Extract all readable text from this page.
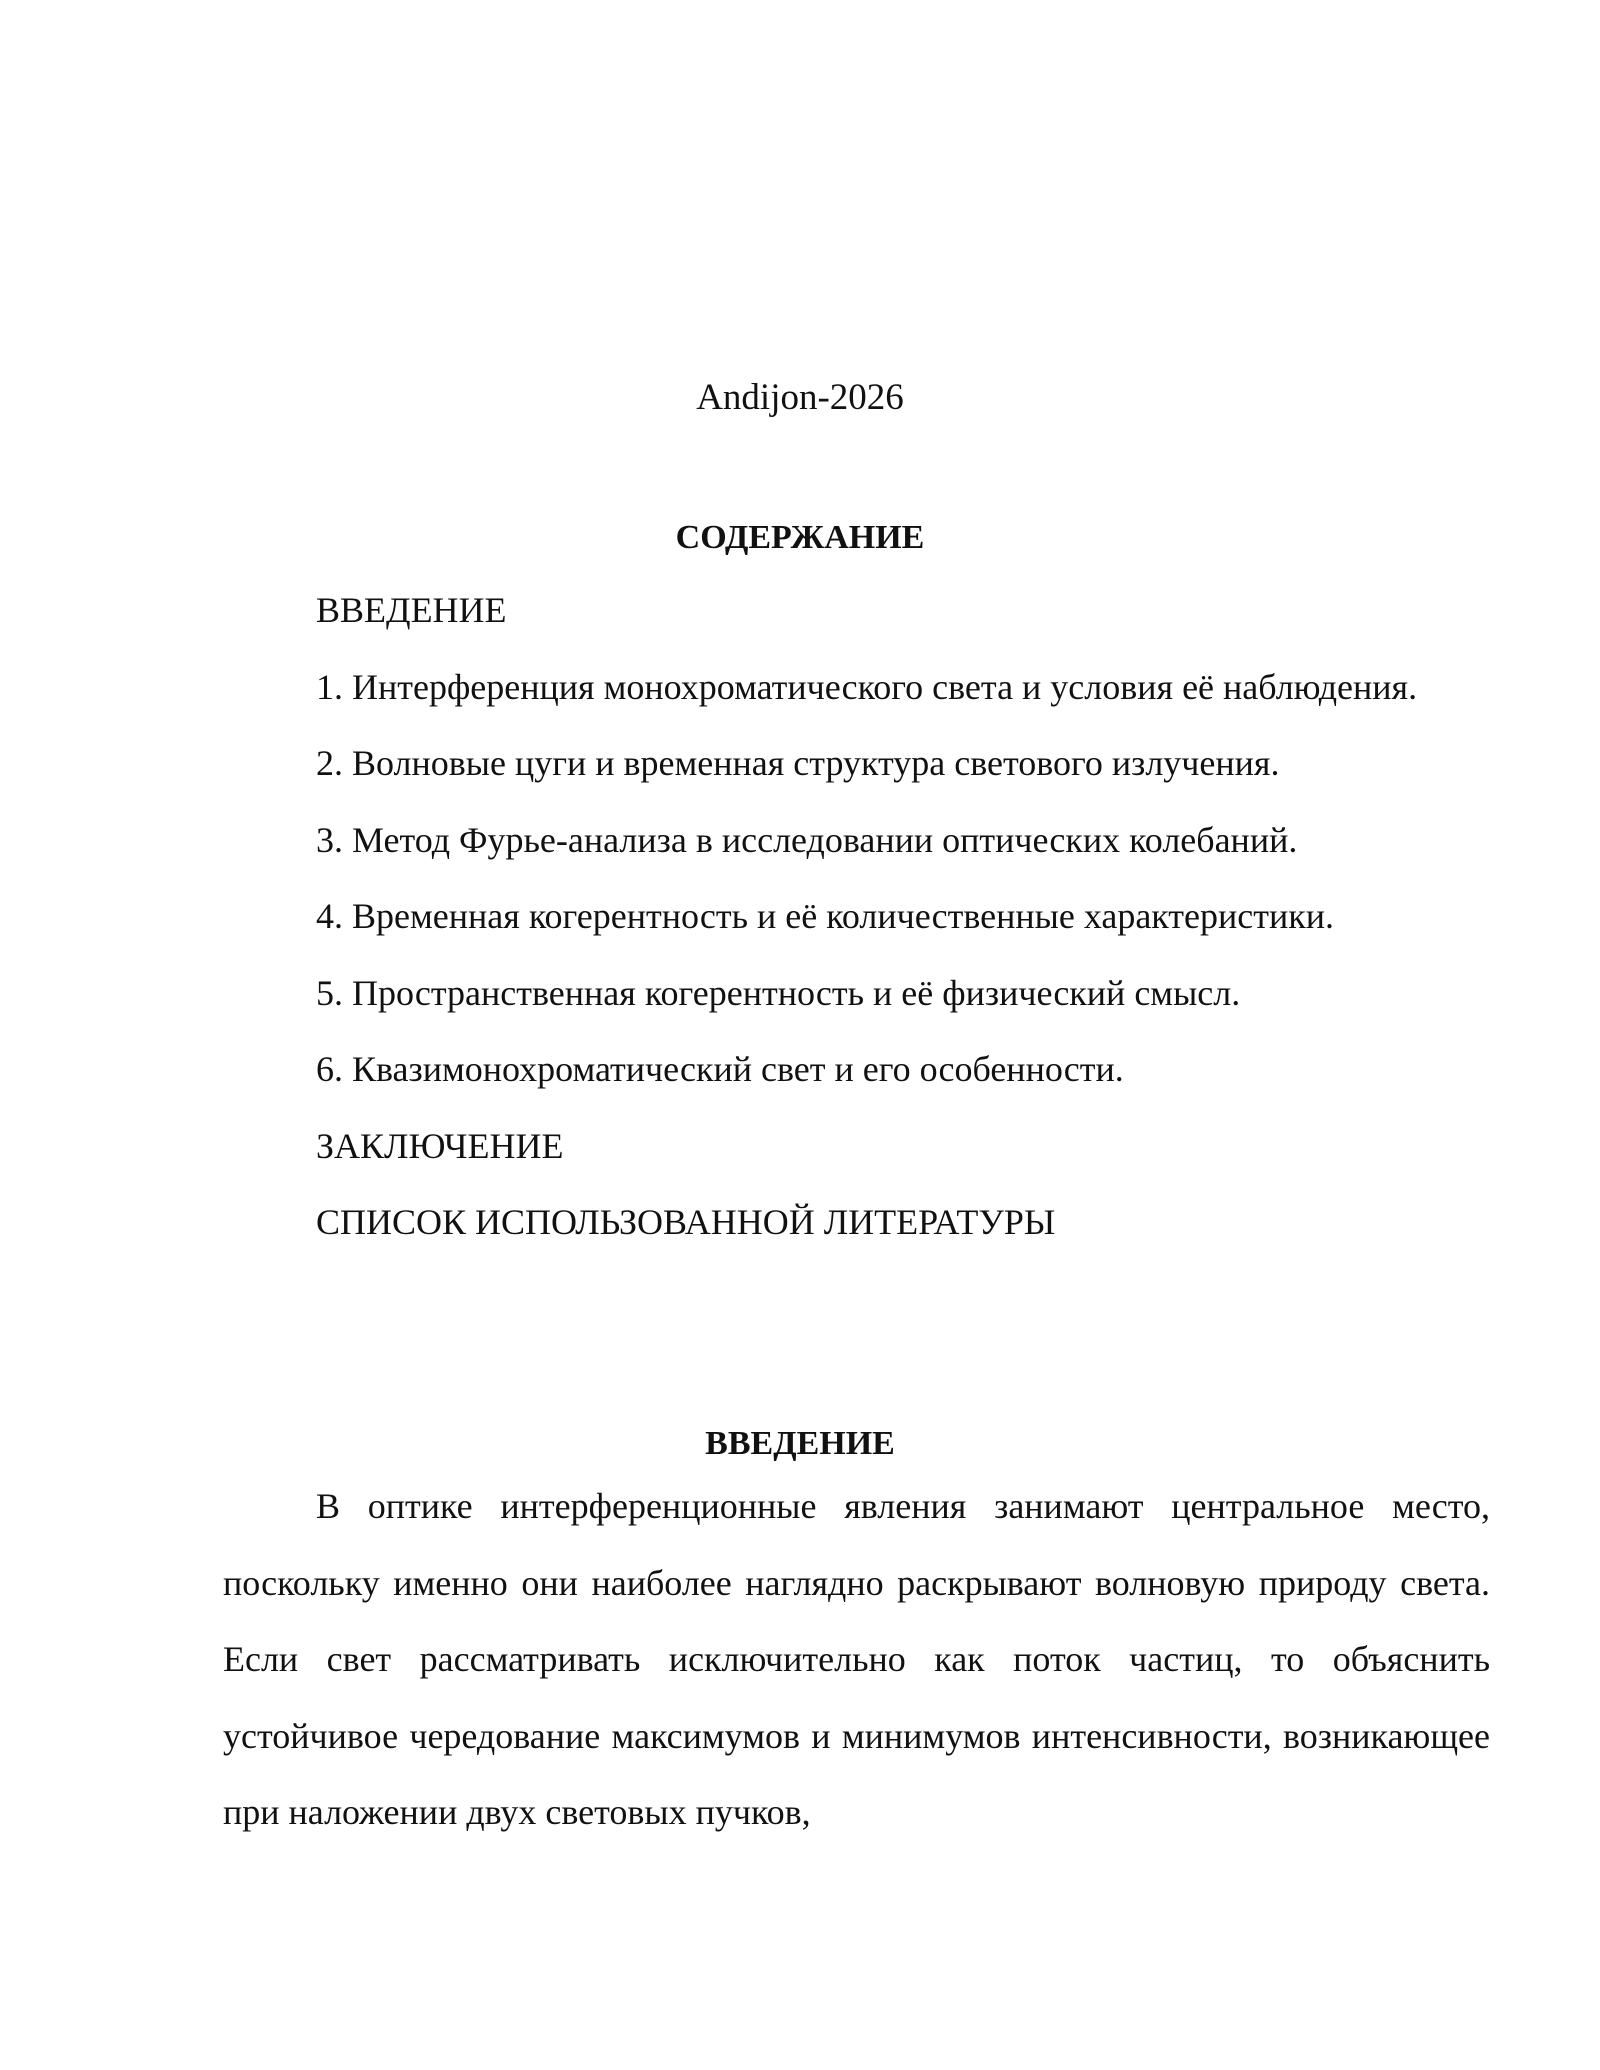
Andijon-2026
СОДЕРЖАНИЕ
ВВЕДЕНИЕ
1. Интерференция монохроматического света и условия её наблюдения.
2. Волновые цуги и временная структура светового излучения.
3. Метод Фурье-анализа в исследовании оптических колебаний.
4. Временная когерентность и её количественные характеристики.
5. Пространственная когерентность и её физический смысл.
6. Квазимонохроматический свет и его особенности.
ЗАКЛЮЧЕНИЕ
СПИСОК ИСПОЛЬЗОВАННОЙ ЛИТЕРАТУРЫ
ВВЕДЕНИЕ

В оптике интерференционные явления занимают центральное место, поскольку именно они наиболее наглядно раскрывают волновую природу света. Если свет рассматривать исключительно как поток частиц, то объяснить устойчивое чередование максимумов и минимумов интенсивности, возникающее при наложении двух световых пучков,
